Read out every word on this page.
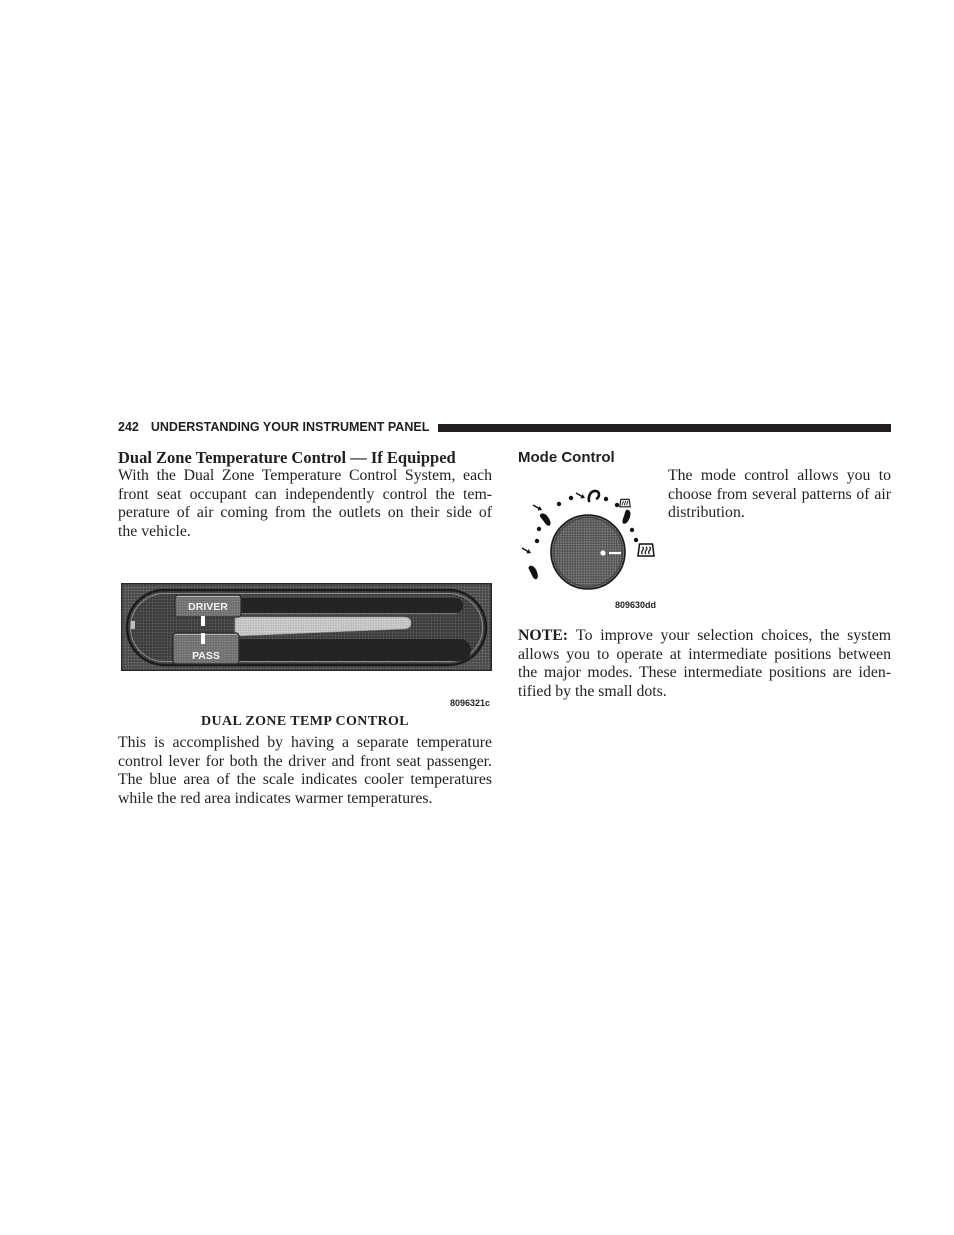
242 UNDERSTANDING YOUR INSTRUMENT PANEL
Dual Zone Temperature Control — If Equipped
With the Dual Zone Temperature Control System, each
front seat occupant can independently control the tem-
perature of air coming from the outlets on their side of
the vehicle.
DRIVER
PASS
8096321c
DUAL ZONE TEMP CONTROL
This is accomplished by having a separate temperature
control lever for both the driver and front seat passenger.
The blue area of the scale indicates cooler temperatures
while the red area indicates warmer temperatures.
Mode Control
809630dd
The mode control allows you to
choose from several patterns of air
distribution.
NOTE: To improve your selection choices, the system
allows you to operate at intermediate positions between
the major modes. These intermediate positions are iden-
tified by the small dots.
